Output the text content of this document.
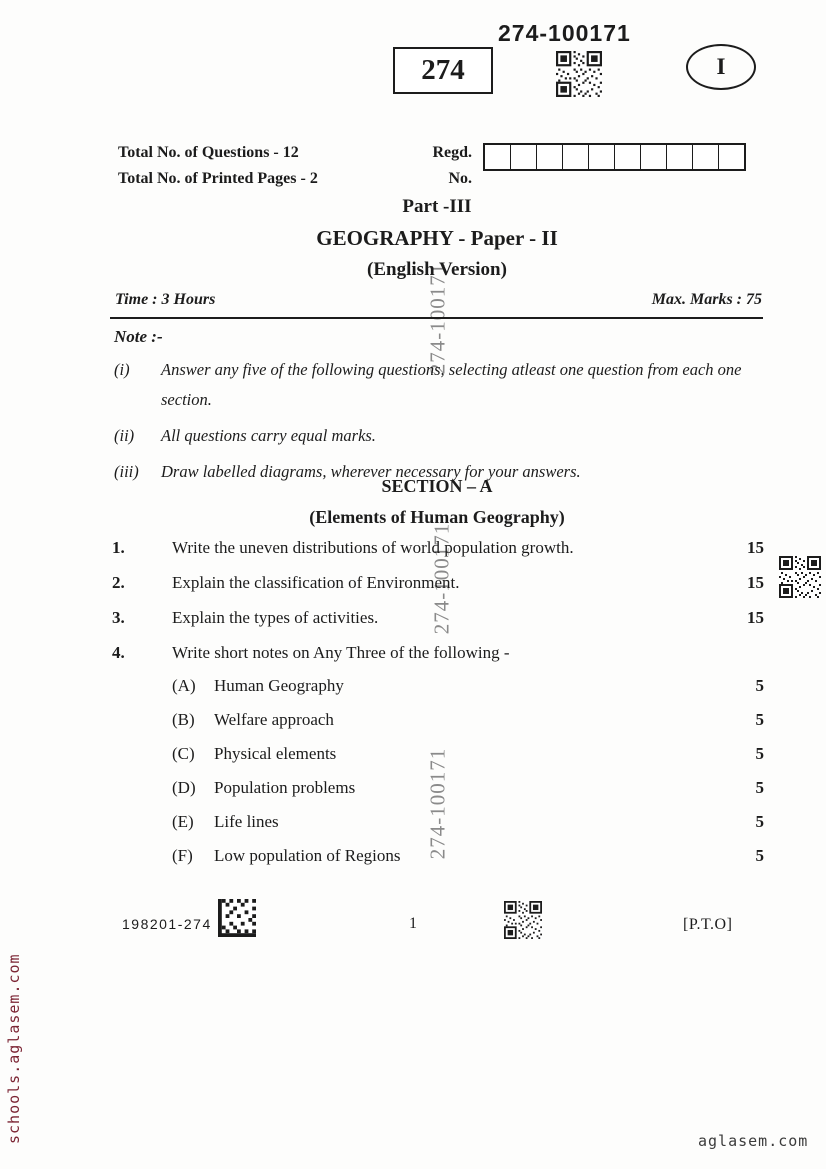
274-100171
274-100171
274-100171
274-100171
274	I
Total No. of Questions - 12
Total No. of Printed Pages - 2
Regd.
No.
Part -III
GEOGRAPHY - Paper - II
(English Version)
Time : 3 Hours	Max. Marks : 75
Note :-
(i)	Answer any five of the following questions, selecting atleast one question from each one section.
(ii)	All questions carry equal marks.
(iii)	Draw labelled diagrams, wherever necessary for your answers.
SECTION – A
(Elements of Human Geography)
1.	Write the uneven distributions of world population growth.	15
2.	Explain the classification of Environment.	15
3.	Explain the types of activities.	15
4.	Write short notes on Any Three of the following -
(A)	Human Geography	5
(B)	Welfare approach	5
(C)	Physical elements	5
(D)	Population problems	5
(E)	Life lines	5
(F)	Low population of Regions	5
198201-274	1	[P.T.O]
schools.aglasem.com	aglasem.com
